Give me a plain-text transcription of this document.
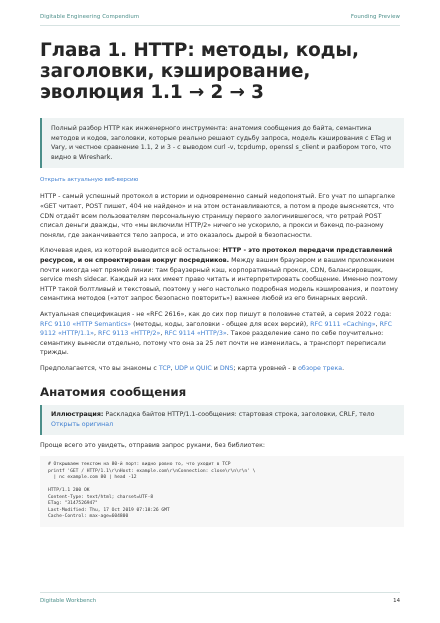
Digitable Engineering Compendium	Founding Preview
Глава 1. HTTP: методы, коды, заголовки, кэширование, эволюция 1.1 → 2 → 3
Полный разбор HTTP как инженерного инструмента: анатомия сообщения до байта, семантика методов и кодов, заголовки, которые реально решают судьбу запроса, модель кэширования с ETag и Vary, и честное сравнение 1.1, 2 и 3 - с выводом curl -v, tcpdump, openssl s_client и разбором того, что видно в Wireshark.
Открыть актуальную веб-версию

HTTP - самый успешный протокол в истории и одновременно самый недопонятый. Его учат по шпаргалке «GET читает, POST пишет, 404 не найдено» и на этом останавливаются, а потом в проде выясняется, что CDN отдаёт всем пользователям персональную страницу первого залогинившегося, что ретрай POST списал деньги дважды, что «мы включили HTTP/2» ничего не ускорило, а прокси и бэкенд по-разному поняли, где заканчивается тело запроса, и это оказалось дырой в безопасности.

Ключевая идея, из которой выводится всё остальное: HTTP - это протокол передачи представлений ресурсов, и он спроектирован вокруг посредников. Между вашим браузером и вашим приложением почти никогда нет прямой линии: там браузерный кэш, корпоративный прокси, CDN, балансировщик, service mesh sidecar. Каждый из них имеет право читать и интерпретировать сообщение. Именно поэтому HTTP такой болтливый и текстовый, поэтому у него настолько подробная модель кэширования, и поэтому семантика методов («этот запрос безопасно повторить») важнее любой из его бинарных версий.

Актуальная спецификация - не «RFC 2616», как до сих пор пишут в половине статей, а серия 2022 года: RFC 9110 «HTTP Semantics» (методы, коды, заголовки - общее для всех версий), RFC 9111 «Caching», RFC 9112 «HTTP/1.1», RFC 9113 «HTTP/2», RFC 9114 «HTTP/3». Такое разделение само по себе поучительно: семантику вынесли отдельно, потому что она за 25 лет почти не изменилась, а транспорт переписали трижды.

Предполагается, что вы знакомы с TCP, UDP и QUIC и DNS; карта уровней - в обзоре трека.

Анатомия сообщения
Иллюстрация: Раскладка байтов HTTP/1.1-сообщения: стартовая строка, заголовки, CRLF, тело
Открыть оригинал

Проще всего это увидеть, отправив запрос руками, без библиотек:

# Открываем текстом на 80-й порт: видно ровно то, что уходит в TCP
printf 'GET / HTTP/1.1\r\nHost: example.com\r\nConnection: close\r\n\r\n' \
| nc example.com 80 | head -12

HTTP/1.1 200 OK
Content-Type: text/html; charset=UTF-8
ETag: "3147526947"
Last-Modified: Thu, 17 Oct 2019 07:18:26 GMT
Cache-Control: max-age=604800
Digitable Workbench	14
